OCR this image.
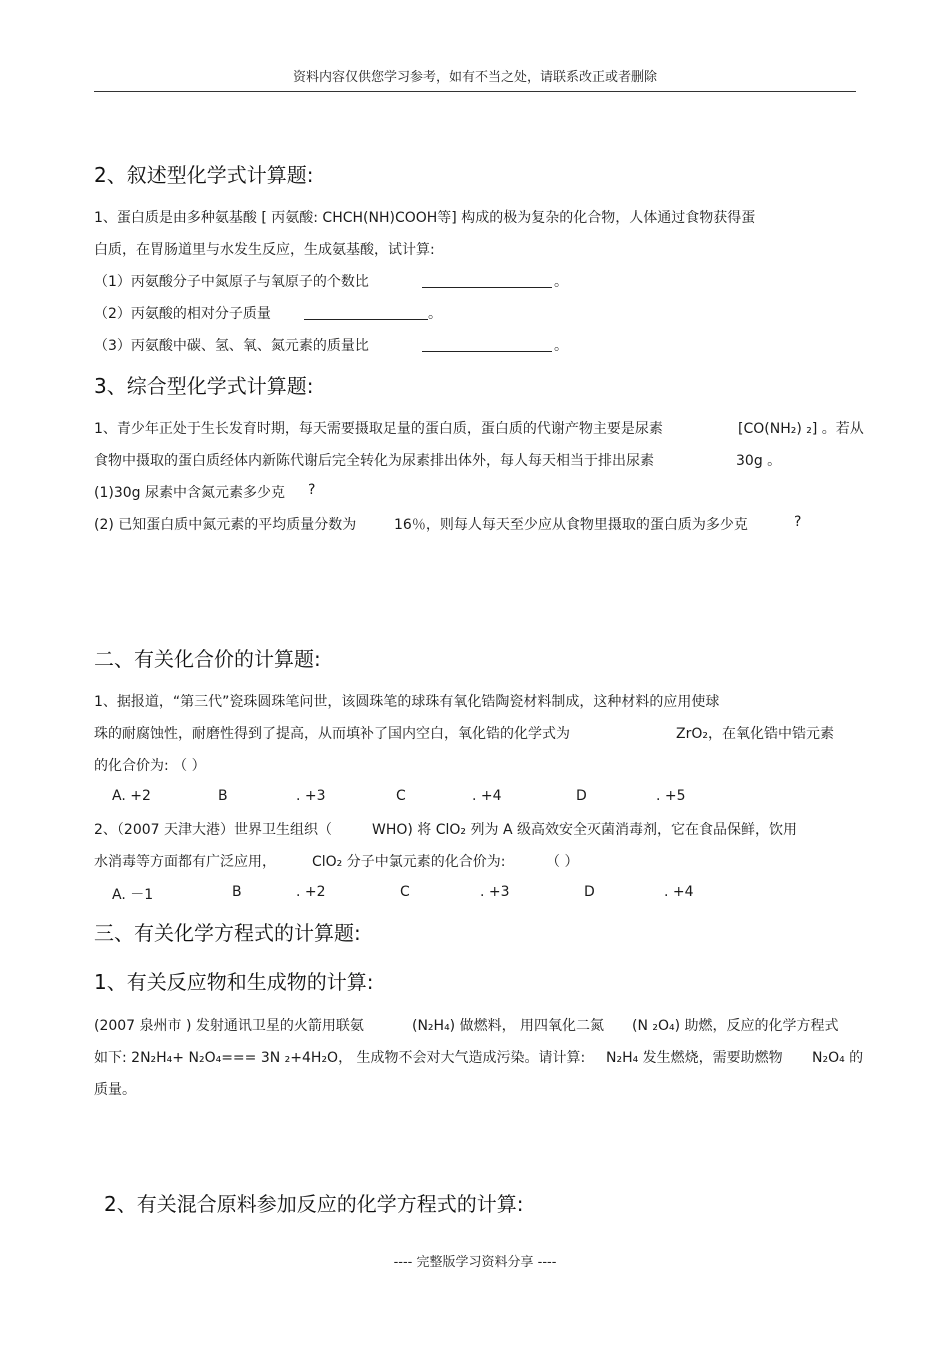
资料内容仅供您学习参考，如有不当之处，请联系改正或者删除
2、叙述型化学式计算题:
1、蛋白质是由多种氨基酸 [ 丙氨酸: CHCH(NH)COOH等] 构成的极为复杂的化合物，人体通过食物获得蛋
白质，在胃肠道里与水发生反应，生成氨基酸，试计算:
（1）丙氨酸分子中氮原子与氧原子的个数比	。
（2）丙氨酸的相对分子质量	。
（3）丙氨酸中碳、氢、氧、氮元素的质量比	。
3、综合型化学式计算题:
1、青少年正处于生长发育时期，每天需要摄取足量的蛋白质，蛋白质的代谢产物主要是尿素	[CO(NH₂) ₂] 。若从
食物中摄取的蛋白质经体内新陈代谢后完全转化为尿素排出体外，每人每天相当于排出尿素	30g 。
(1)30g 尿素中含氮元素多少克 ?
(2) 已知蛋白质中氮元素的平均质量分数为	16％，则每人每天至少应从食物里摄取的蛋白质为多少克	?
二、有关化合价的计算题:
1、据报道，“第三代”瓷珠圆珠笔问世，该圆珠笔的球珠有氧化锆陶瓷材料制成，这种材料的应用使球
珠的耐腐蚀性，耐磨性得到了提高，从而填补了国内空白，氧化锆的化学式为	ZrO₂，在氧化锆中锆元素
的化合价为: （ ）
A. +2	B	. +3	C	. +4	D	. +5
2、（2007 天津大港）世界卫生组织（	WHO) 将 ClO₂ 列为 A 级高效安全灭菌消毒剂，它在食品保鲜，饮用
水消毒等方面都有广泛应用，	ClO₂ 分子中氯元素的化合价为:	（ ）
A. －1	B	. +2	C	. +3	D	. +4
三、有关化学方程式的计算题:
1、有关反应物和生成物的计算:
(2007 泉州市 ) 发射通讯卫星的火箭用联氨	(N₂H₄) 做燃料， 用四氧化二氮 (N ₂O₄) 助燃，反应的化学方程式
如下: 2N₂H₄+ N₂O₄=== 3N ₂+4H₂O， 生成物不会对大气造成污染。请计算: N₂H₄ 发生燃烧，需要助燃物 N₂O₄ 的
质量。
2、有关混合原料参加反应的化学方程式的计算:
---- 完整版学习资料分享 ----
